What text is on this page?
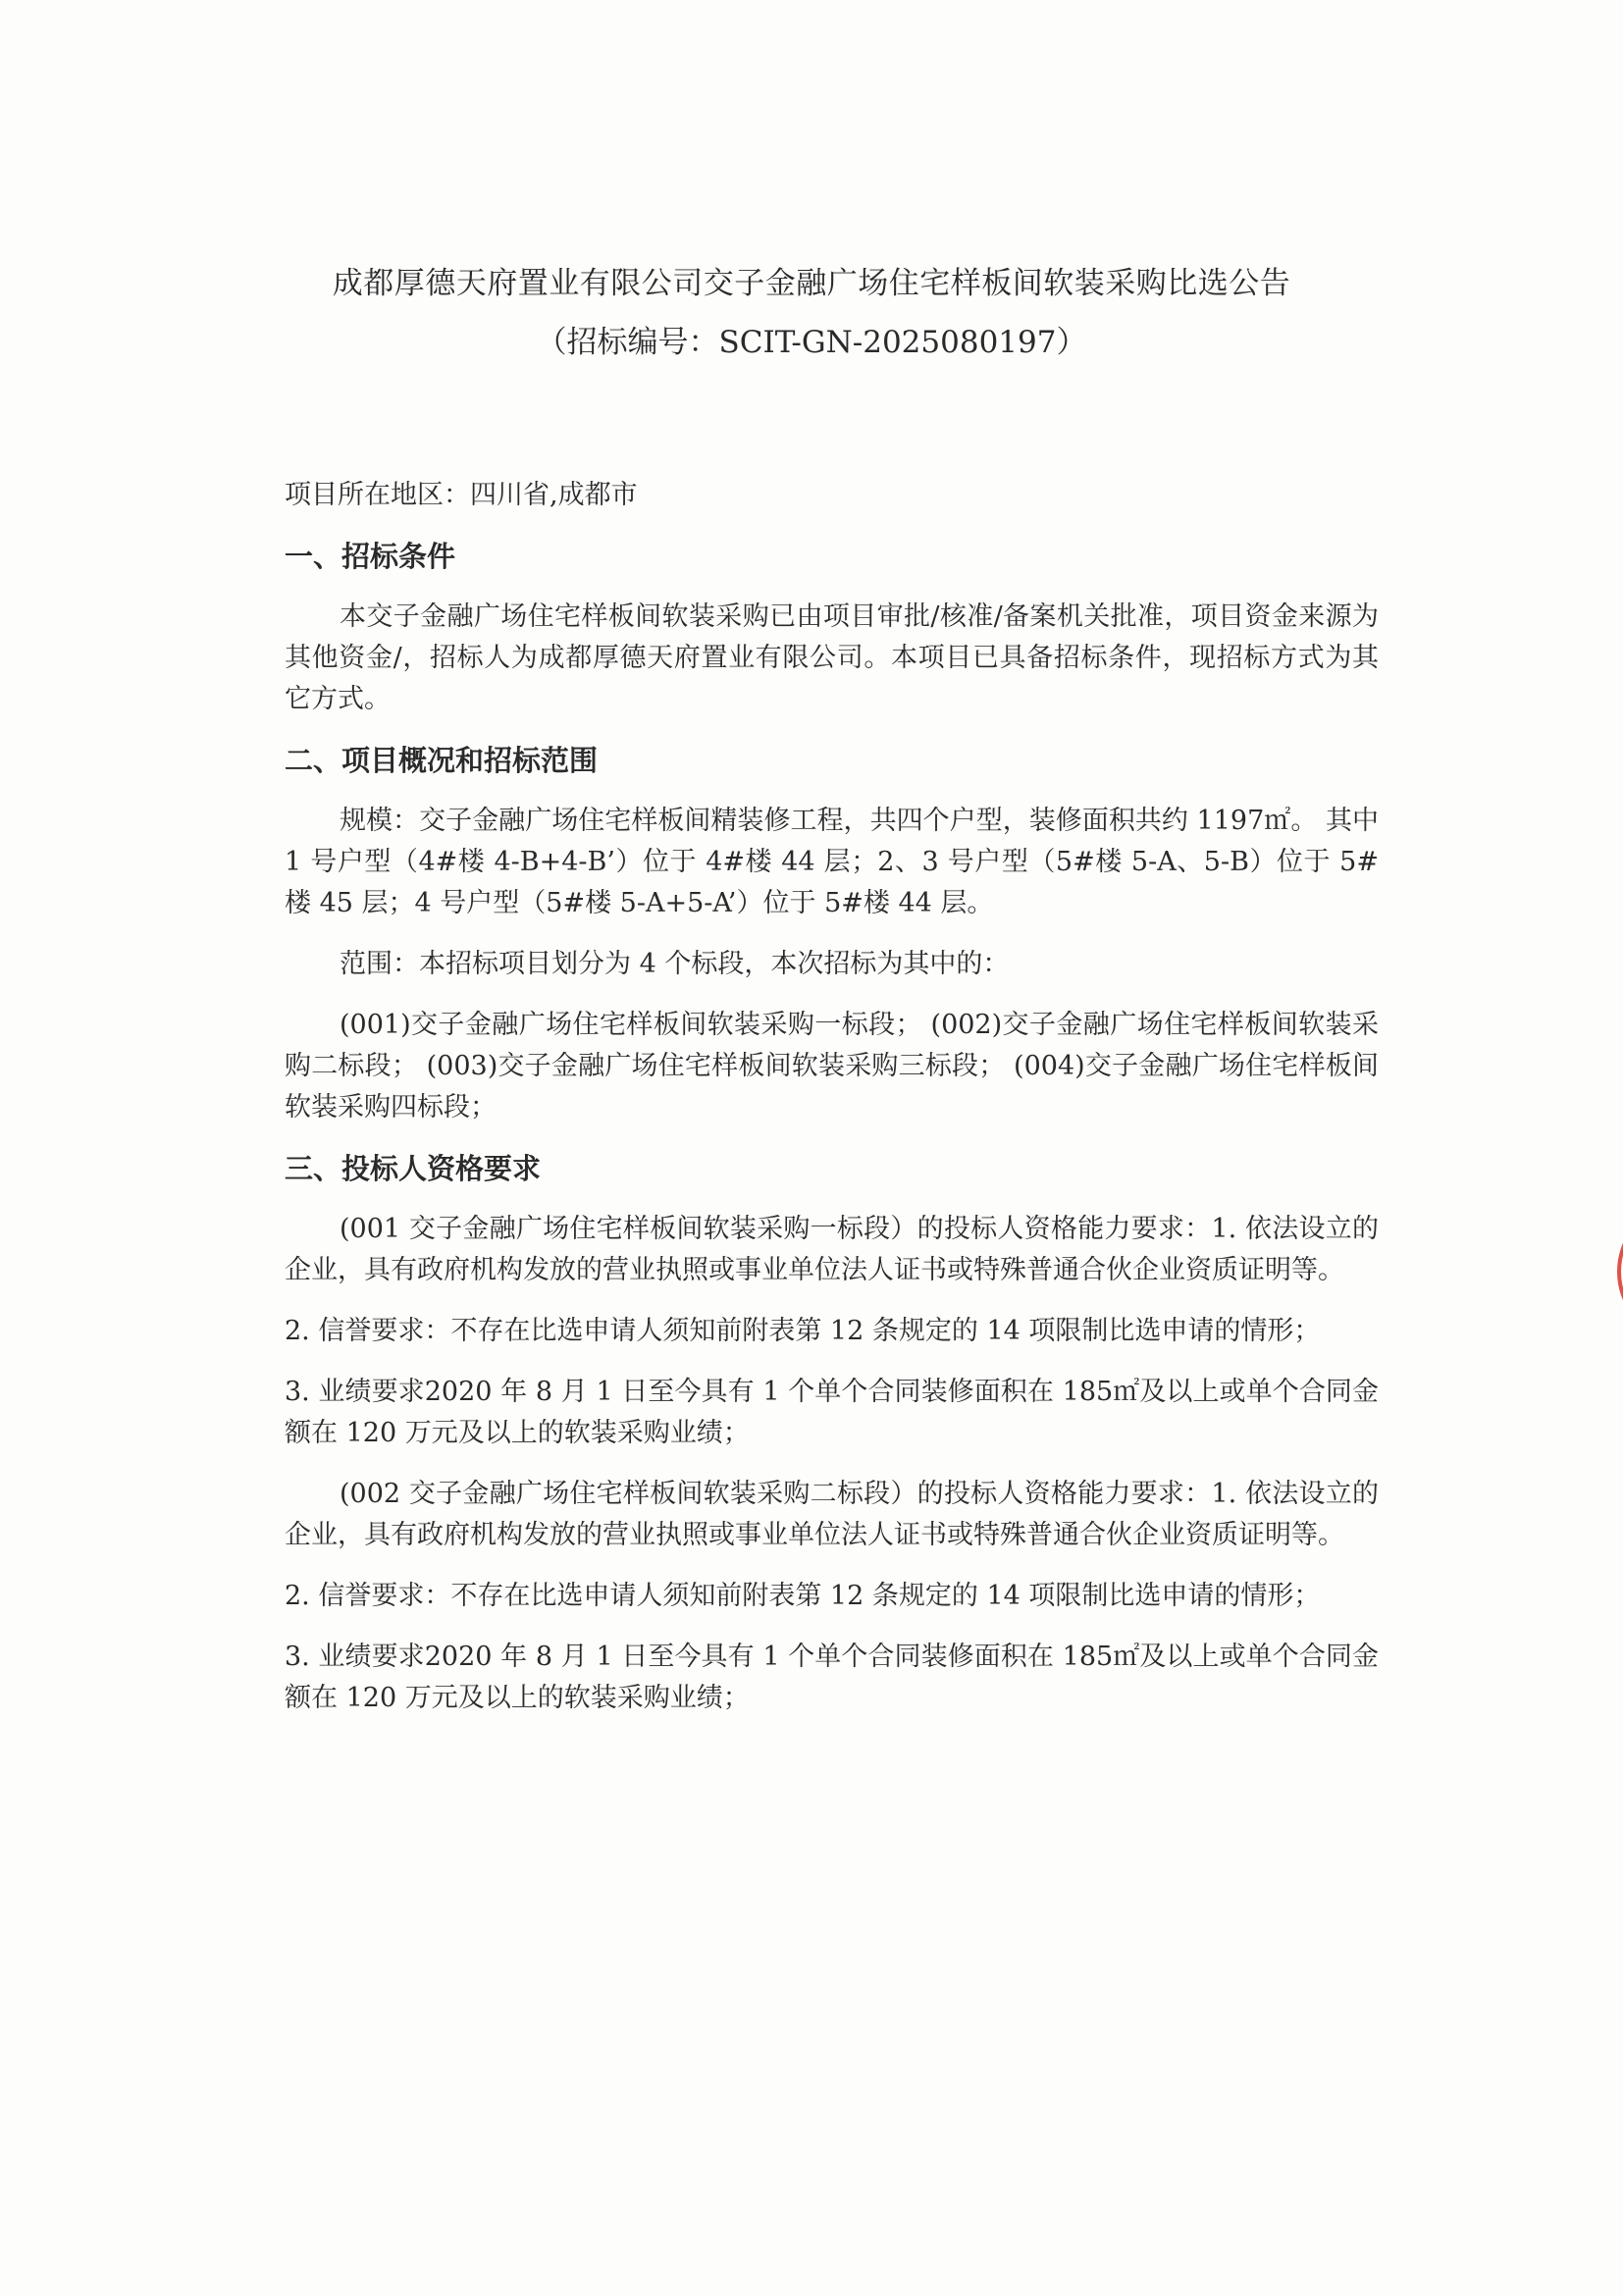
成都厚德天府置业有限公司交子金融广场住宅样板间软装采购比选公告

（招标编号：SCIT-GN-2025080197）

项目所在地区：四川省,成都市

一、招标条件

本交子金融广场住宅样板间软装采购已由项目审批/核准/备案机关批准，项目资金来源为其他资金/，招标人为成都厚德天府置业有限公司。本项目已具备招标条件，现招标方式为其它方式。

二、项目概况和招标范围

规模：交子金融广场住宅样板间精装修工程，共四个户型，装修面积共约 1197㎡。 其中 1 号户型（4#楼 4-B+4-B’）位于 4#楼 44 层；2、3 号户型（5#楼 5-A、5-B）位于 5#楼 45 层；4 号户型（5#楼 5-A+5-A’）位于 5#楼 44 层。

范围：本招标项目划分为 4 个标段，本次招标为其中的：

(001)交子金融广场住宅样板间软装采购一标段； (002)交子金融广场住宅样板间软装采购二标段； (003)交子金融广场住宅样板间软装采购三标段； (004)交子金融广场住宅样板间软装采购四标段；

三、投标人资格要求

(001 交子金融广场住宅样板间软装采购一标段）的投标人资格能力要求：1. 依法设立的企业，具有政府机构发放的营业执照或事业单位法人证书或特殊普通合伙企业资质证明等。

2. 信誉要求：不存在比选申请人须知前附表第 12 条规定的 14 项限制比选申请的情形；

3. 业绩要求2020 年 8 月 1 日至今具有 1 个单个合同装修面积在 185㎡及以上或单个合同金额在 120 万元及以上的软装采购业绩；

(002 交子金融广场住宅样板间软装采购二标段）的投标人资格能力要求：1. 依法设立的企业，具有政府机构发放的营业执照或事业单位法人证书或特殊普通合伙企业资质证明等。

2. 信誉要求：不存在比选申请人须知前附表第 12 条规定的 14 项限制比选申请的情形；

3. 业绩要求2020 年 8 月 1 日至今具有 1 个单个合同装修面积在 185㎡及以上或单个合同金额在 120 万元及以上的软装采购业绩；
